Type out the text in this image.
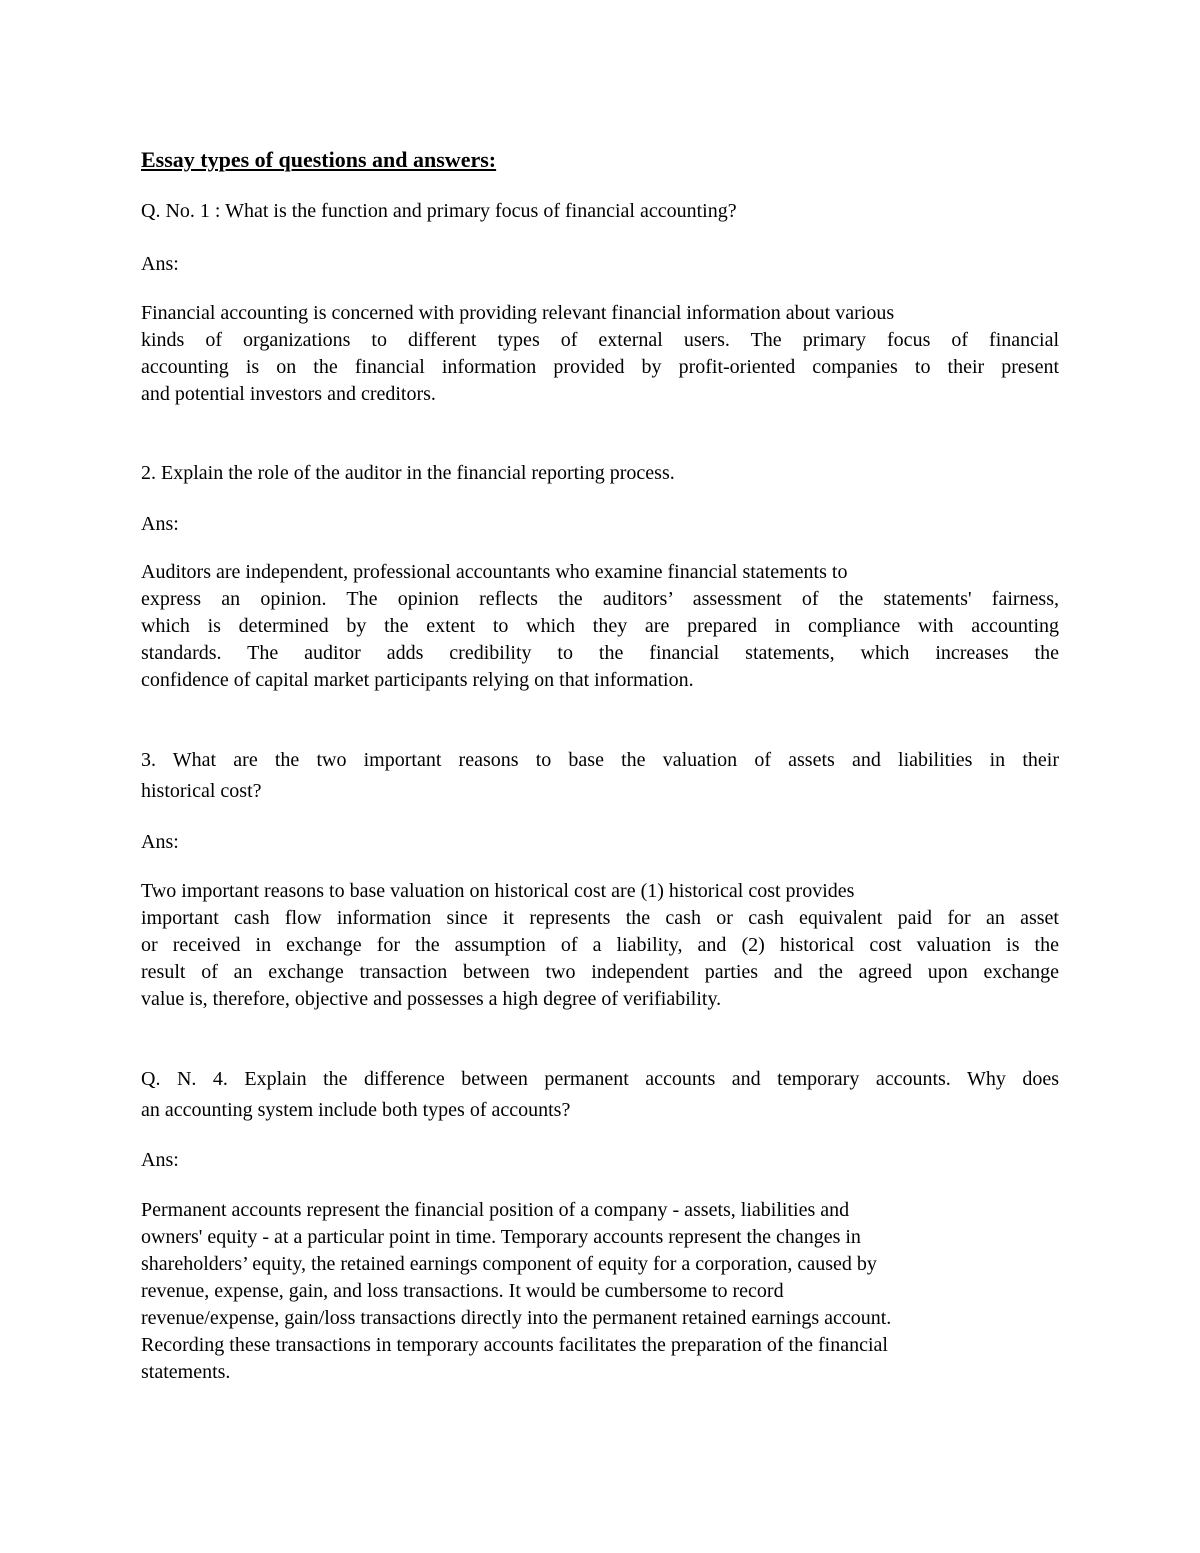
Essay types of questions and answers:

Q. No. 1 : What is the function and primary focus of financial accounting?

Ans:

Financial accounting is concerned with providing relevant financial information about various
kinds of organizations to different types of external users. The primary focus of financial
accounting is on the financial information provided by profit-oriented companies to their present
and potential investors and creditors.

2. Explain the role of the auditor in the financial reporting process.

Ans:

Auditors are independent, professional accountants who examine financial statements to
express an opinion. The opinion reflects the auditors’ assessment of the statements' fairness,
which is determined by the extent to which they are prepared in compliance with accounting
standards. The auditor adds credibility to the financial statements, which increases the
confidence of capital market participants relying on that information.
3. What are the two important reasons to base the valuation of assets and liabilities in their
historical cost?

Ans:

Two important reasons to base valuation on historical cost are (1) historical cost provides
important cash flow information since it represents the cash or cash equivalent paid for an asset
or received in exchange for the assumption of a liability, and (2) historical cost valuation is the
result of an exchange transaction between two independent parties and the agreed upon exchange
value is, therefore, objective and possesses a high degree of verifiability.
Q. N. 4. Explain the difference between permanent accounts and temporary accounts. Why does
an accounting system include both types of accounts?

Ans:

Permanent accounts represent the financial position of a company - assets, liabilities and
owners' equity - at a particular point in time. Temporary accounts represent the changes in
shareholders’ equity, the retained earnings component of equity for a corporation, caused by
revenue, expense, gain, and loss transactions. It would be cumbersome to record
revenue/expense, gain/loss transactions directly into the permanent retained earnings account.
Recording these transactions in temporary accounts facilitates the preparation of the financial
statements.
